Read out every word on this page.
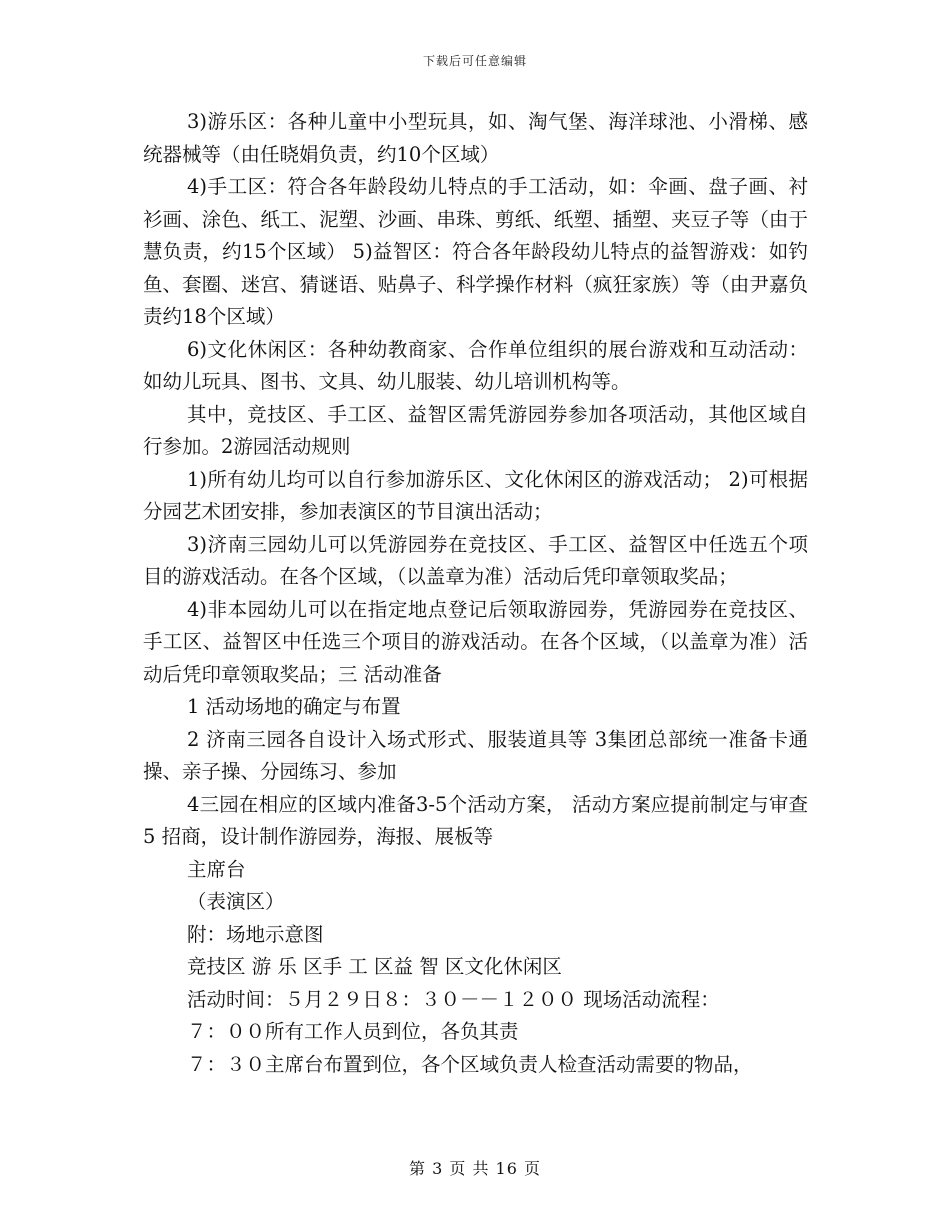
下载后可任意编辑

3)游乐区：各种儿童中小型玩具，如、淘气堡、海洋球池、小滑梯、感统器械等（由任晓娟负责，约10个区域）

4)手工区：符合各年龄段幼儿特点的手工活动，如：伞画、盘子画、衬衫画、涂色、纸工、泥塑、沙画、串珠、剪纸、纸塑、插塑、夹豆子等（由于慧负责，约15个区域） 5)益智区：符合各年龄段幼儿特点的益智游戏：如钓鱼、套圈、迷宫、猜谜语、贴鼻子、科学操作材料（疯狂家族）等（由尹嘉负责约18个区域）

6)文化休闲区：各种幼教商家、合作单位组织的展台游戏和互动活动：如幼儿玩具、图书、文具、幼儿服装、幼儿培训机构等。

其中，竞技区、手工区、益智区需凭游园券参加各项活动，其他区域自行参加。2游园活动规则

1)所有幼儿均可以自行参加游乐区、文化休闲区的游戏活动； 2)可根据分园艺术团安排，参加表演区的节目演出活动；

3)济南三园幼儿可以凭游园券在竞技区、手工区、益智区中任选五个项目的游戏活动。在各个区域，（以盖章为准）活动后凭印章领取奖品；

4)非本园幼儿可以在指定地点登记后领取游园券，凭游园券在竞技区、手工区、益智区中任选三个项目的游戏活动。在各个区域，（以盖章为准）活动后凭印章领取奖品；三 活动准备

1 活动场地的确定与布置

2 济南三园各自设计入场式形式、服装道具等 3集团总部统一准备卡通操、亲子操、分园练习、参加

4三园在相应的区域内准备3-5个活动方案， 活动方案应提前制定与审查 5 招商，设计制作游园券，海报、展板等

主席台

（表演区）

附：场地示意图

竞技区 游 乐 区手 工 区益 智 区文化休闲区

活动时间：５月２９日８：３０－－１２００ 现场活动流程：

７：００所有工作人员到位，各负其责

７：３０主席台布置到位，各个区域负责人检查活动需要的物品，

第 3 页 共 16 页
